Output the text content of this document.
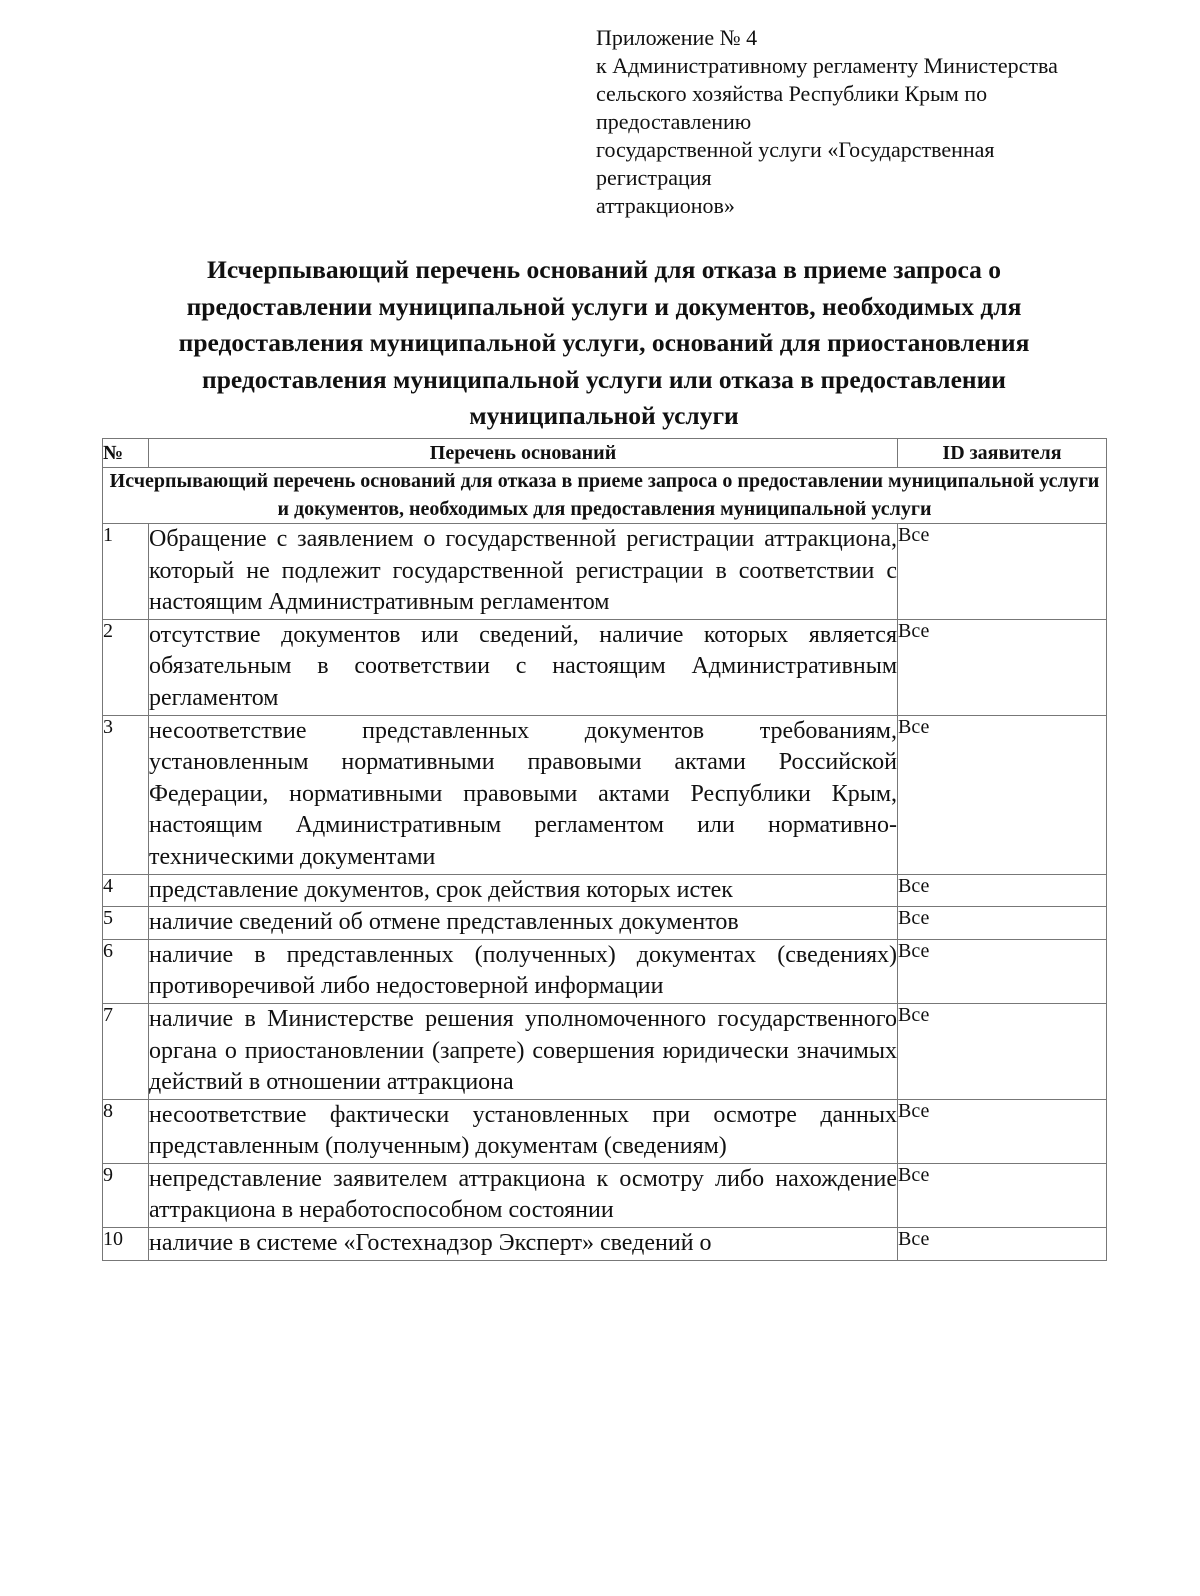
Приложение № 4
к Административному регламенту Министерства
сельского хозяйства Республики Крым по
предоставлению
государственной услуги «Государственная
регистрация
аттракционов»
Исчерпывающий перечень оснований для отказа в приеме запроса о
предоставлении муниципальной услуги и документов, необходимых для
предоставления муниципальной услуги, оснований для приостановления
предоставления муниципальной услуги или отказа в предоставлении
муниципальной услуги
№	Перечень оснований	ID заявителя
Исчерпывающий перечень оснований для отказа в приеме запроса о предоставлении муниципальной услуги и документов, необходимых для предоставления муниципальной услуги		
1	Обращение с заявлением о государственной регистрации аттракциона, который не подлежит государственной регистрации в соответствии с настоящим Административным регламентом	Все
2	отсутствие документов или сведений, наличие которых является обязательным в соответствии с настоящим Административным регламентом	Все
3	несоответствие представленных документов требованиям, установленным нормативными правовыми актами Российской Федерации, нормативными правовыми актами Республики Крым, настоящим Административным регламентом или нормативно-техническими документами	Все
4	представление документов, срок действия которых истек	Все
5	наличие сведений об отмене представленных документов	Все
6	наличие в представленных (полученных) документах (сведениях) противоречивой либо недостоверной информации	Все
7	наличие в Министерстве решения уполномоченного государственного органа о приостановлении (запрете) совершения юридически значимых действий в отношении аттракциона	Все
8	несоответствие фактически установленных при осмотре данных представленным (полученным) документам (сведениям)	Все
9	непредставление заявителем аттракциона к осмотру либо нахождение аттракциона в неработоспособном состоянии	Все
10	наличие в системе «Гостехнадзор Эксперт» сведений о	Все
